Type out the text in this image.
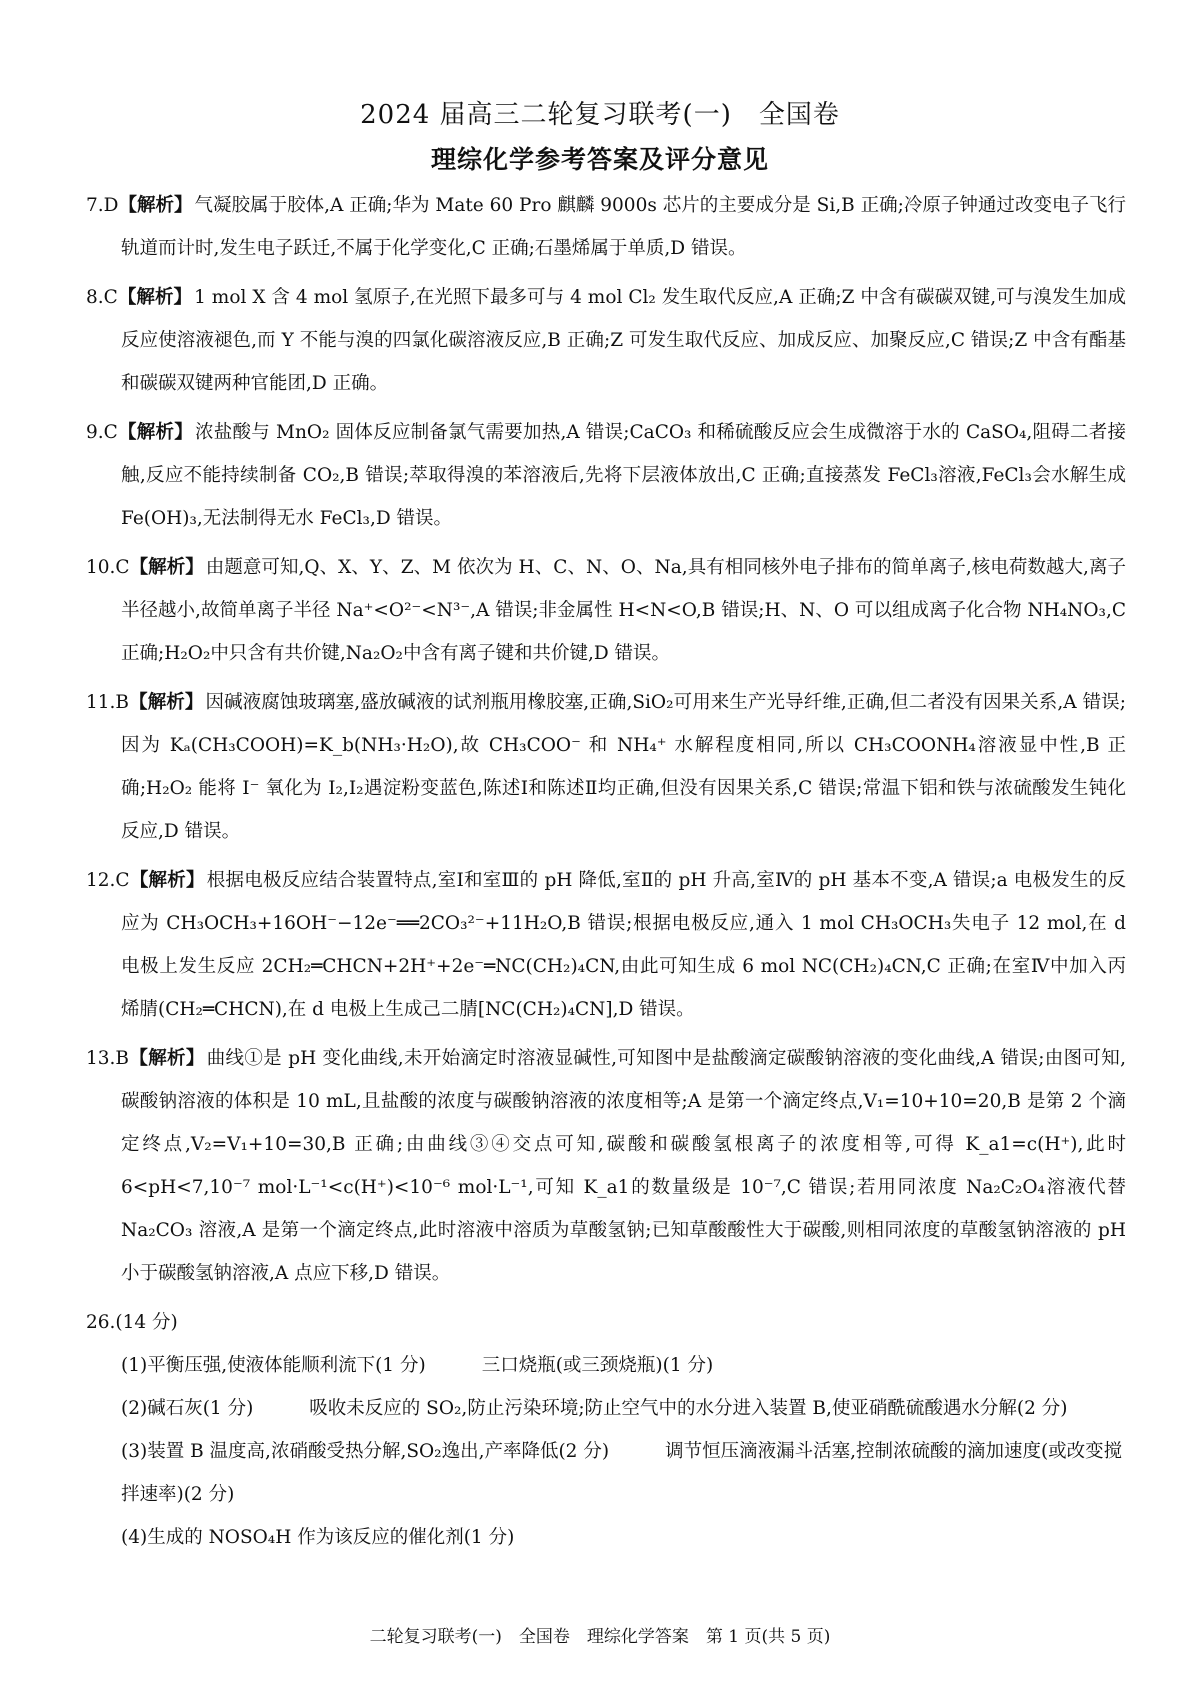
2024 届高三二轮复习联考(一)　全国卷
理综化学参考答案及评分意见

7.D【解析】 气凝胶属于胶体,A 正确;华为 Mate 60 Pro 麒麟 9000s 芯片的主要成分是 Si,B 正确;冷原子钟通过改变电子飞行轨道而计时,发生电子跃迁,不属于化学变化,C 正确;石墨烯属于单质,D 错误。

8.C【解析】 1 mol X 含 4 mol 氢原子,在光照下最多可与 4 mol Cl₂ 发生取代反应,A 正确;Z 中含有碳碳双键,可与溴发生加成反应使溶液褪色,而 Y 不能与溴的四氯化碳溶液反应,B 正确;Z 可发生取代反应、加成反应、加聚反应,C 错误;Z 中含有酯基和碳碳双键两种官能团,D 正确。

9.C【解析】 浓盐酸与 MnO₂ 固体反应制备氯气需要加热,A 错误;CaCO₃ 和稀硫酸反应会生成微溶于水的 CaSO₄,阻碍二者接触,反应不能持续制备 CO₂,B 错误;萃取得溴的苯溶液后,先将下层液体放出,C 正确;直接蒸发 FeCl₃溶液,FeCl₃会水解生成 Fe(OH)₃,无法制得无水 FeCl₃,D 错误。

10.C【解析】 由题意可知,Q、X、Y、Z、M 依次为 H、C、N、O、Na,具有相同核外电子排布的简单离子,核电荷数越大,离子半径越小,故简单离子半径 Na⁺<O²⁻<N³⁻,A 错误;非金属性 H<N<O,B 错误;H、N、O 可以组成离子化合物 NH₄NO₃,C 正确;H₂O₂中只含有共价键,Na₂O₂中含有离子键和共价键,D 错误。

11.B【解析】 因碱液腐蚀玻璃塞,盛放碱液的试剂瓶用橡胶塞,正确,SiO₂可用来生产光导纤维,正确,但二者没有因果关系,A 错误;因为 Kₐ(CH₃COOH)=K_b(NH₃·H₂O),故 CH₃COO⁻ 和 NH₄⁺ 水解程度相同,所以 CH₃COONH₄溶液显中性,B 正确;H₂O₂ 能将 I⁻ 氧化为 I₂,I₂遇淀粉变蓝色,陈述Ⅰ和陈述Ⅱ均正确,但没有因果关系,C 错误;常温下铝和铁与浓硫酸发生钝化反应,D 错误。

12.C【解析】 根据电极反应结合装置特点,室Ⅰ和室Ⅲ的 pH 降低,室Ⅱ的 pH 升高,室Ⅳ的 pH 基本不变,A 错误;a 电极发生的反应为 CH₃OCH₃+16OH⁻−12e⁻══2CO₃²⁻+11H₂O,B 错误;根据电极反应,通入 1 mol CH₃OCH₃失电子 12 mol,在 d 电极上发生反应 2CH₂═CHCN+2H⁺+2e⁻═NC(CH₂)₄CN,由此可知生成 6 mol NC(CH₂)₄CN,C 正确;在室Ⅳ中加入丙烯腈(CH₂═CHCN),在 d 电极上生成己二腈[NC(CH₂)₄CN],D 错误。

13.B【解析】 曲线①是 pH 变化曲线,未开始滴定时溶液显碱性,可知图中是盐酸滴定碳酸钠溶液的变化曲线,A 错误;由图可知,碳酸钠溶液的体积是 10 mL,且盐酸的浓度与碳酸钠溶液的浓度相等;A 是第一个滴定终点,V₁=10+10=20,B 是第 2 个滴定终点,V₂=V₁+10=30,B 正确;由曲线③④交点可知,碳酸和碳酸氢根离子的浓度相等,可得 K_a1=c(H⁺),此时 6<pH<7,10⁻⁷ mol·L⁻¹<c(H⁺)<10⁻⁶ mol·L⁻¹,可知 K_a1的数量级是 10⁻⁷,C 错误;若用同浓度 Na₂C₂O₄溶液代替 Na₂CO₃ 溶液,A 是第一个滴定终点,此时溶液中溶质为草酸氢钠;已知草酸酸性大于碳酸,则相同浓度的草酸氢钠溶液的 pH 小于碳酸氢钠溶液,A 点应下移,D 错误。

26.(14 分)

(1)平衡压强,使液体能顺利流下(1 分)	三口烧瓶(或三颈烧瓶)(1 分)

(2)碱石灰(1 分)	吸收未反应的 SO₂,防止污染环境;防止空气中的水分进入装置 B,使亚硝酰硫酸遇水分解(2 分)

(3)装置 B 温度高,浓硝酸受热分解,SO₂逸出,产率降低(2 分)	调节恒压滴液漏斗活塞,控制浓硫酸的滴加速度(或改变搅拌速率)(2 分)

(4)生成的 NOSO₄H 作为该反应的催化剂(1 分)

二轮复习联考(一)　全国卷　理综化学答案　第 1 页(共 5 页)
